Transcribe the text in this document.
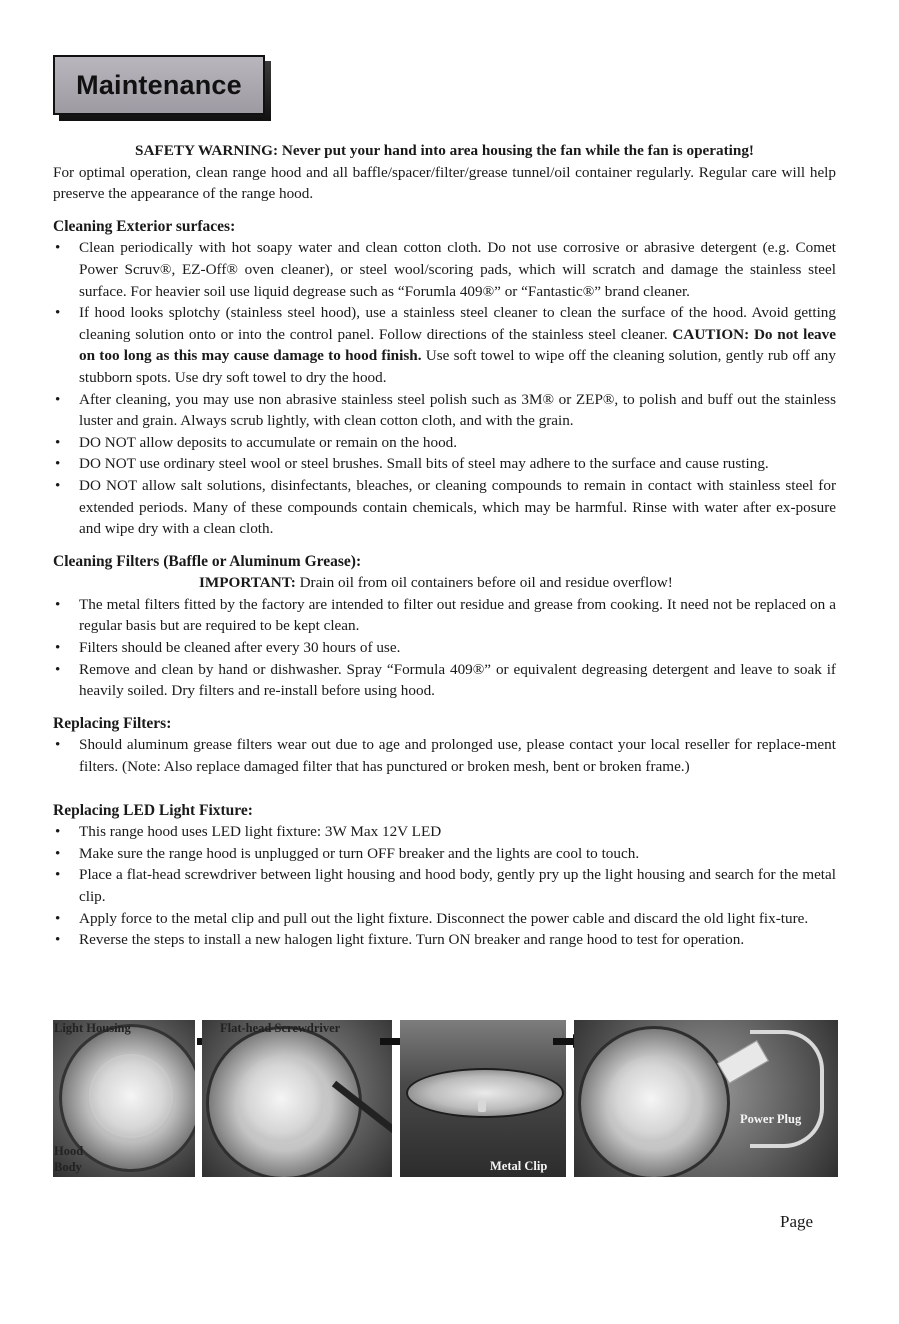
Maintenance
SAFETY WARNING: Never put your hand into area housing the fan while the fan is operating!
For optimal operation, clean range hood and all baffle/spacer/filter/grease tunnel/oil container regularly. Regular care will help preserve the appearance of the range hood.
Cleaning Exterior surfaces:
• Clean periodically with hot soapy water and clean cotton cloth. Do not use corrosive or abrasive detergent (e.g. Comet Power Scruv®, EZ-Off® oven cleaner), or steel wool/scoring pads, which will scratch and damage the stainless steel surface. For heavier soil use liquid degrease such as “Forumla 409®” or “Fantastic®” brand cleaner.
• If hood looks splotchy (stainless steel hood), use a stainless steel cleaner to clean the surface of the hood. Avoid getting cleaning solution onto or into the control panel. Follow directions of the stainless steel cleaner. CAUTION: Do not leave on too long as this may cause damage to hood finish. Use soft towel to wipe off the cleaning solution, gently rub off any stubborn spots. Use dry soft towel to dry the hood.
• After cleaning, you may use non abrasive stainless steel polish such as 3M® or ZEP®, to polish and buff out the stainless luster and grain. Always scrub lightly, with clean cotton cloth, and with the grain.
• DO NOT allow deposits to accumulate or remain on the hood.
• DO NOT use ordinary steel wool or steel brushes. Small bits of steel may adhere to the surface and cause rusting.
• DO NOT allow salt solutions, disinfectants, bleaches, or cleaning compounds to remain in contact with stainless steel for extended periods. Many of these compounds contain chemicals, which may be harmful. Rinse with water after ex-posure and wipe dry with a clean cloth.
Cleaning Filters (Baffle or Aluminum Grease):
IMPORTANT: Drain oil from oil containers before oil and residue overflow!
• The metal filters fitted by the factory are intended to filter out residue and grease from cooking. It need not be replaced on a regular basis but are required to be kept clean.
• Filters should be cleaned after every 30 hours of use.
• Remove and clean by hand or dishwasher. Spray “Formula 409®” or equivalent degreasing detergent and leave to soak if heavily soiled. Dry filters and re-install before using hood.
Replacing Filters:
• Should aluminum grease filters wear out due to age and prolonged use, please contact your local reseller for replace-ment filters. (Note: Also replace damaged filter that has punctured or broken mesh, bent or broken frame.)
Replacing LED Light Fixture:
• This range hood uses LED light fixture: 3W Max 12V LED
• Make sure the range hood is unplugged or turn OFF breaker and the lights are cool to touch.
• Place a flat-head screwdriver between light housing and hood body, gently pry up the light housing and search for the metal clip.
• Apply force to the metal clip and pull out the light fixture. Disconnect the power cable and discard the old light fix-ture.
• Reverse the steps to install a new halogen light fixture. Turn ON breaker and range hood to test for operation.
Light Housing
Hood
Body
Flat-head Screwdriver
Metal Clip
Power Plug
Page
